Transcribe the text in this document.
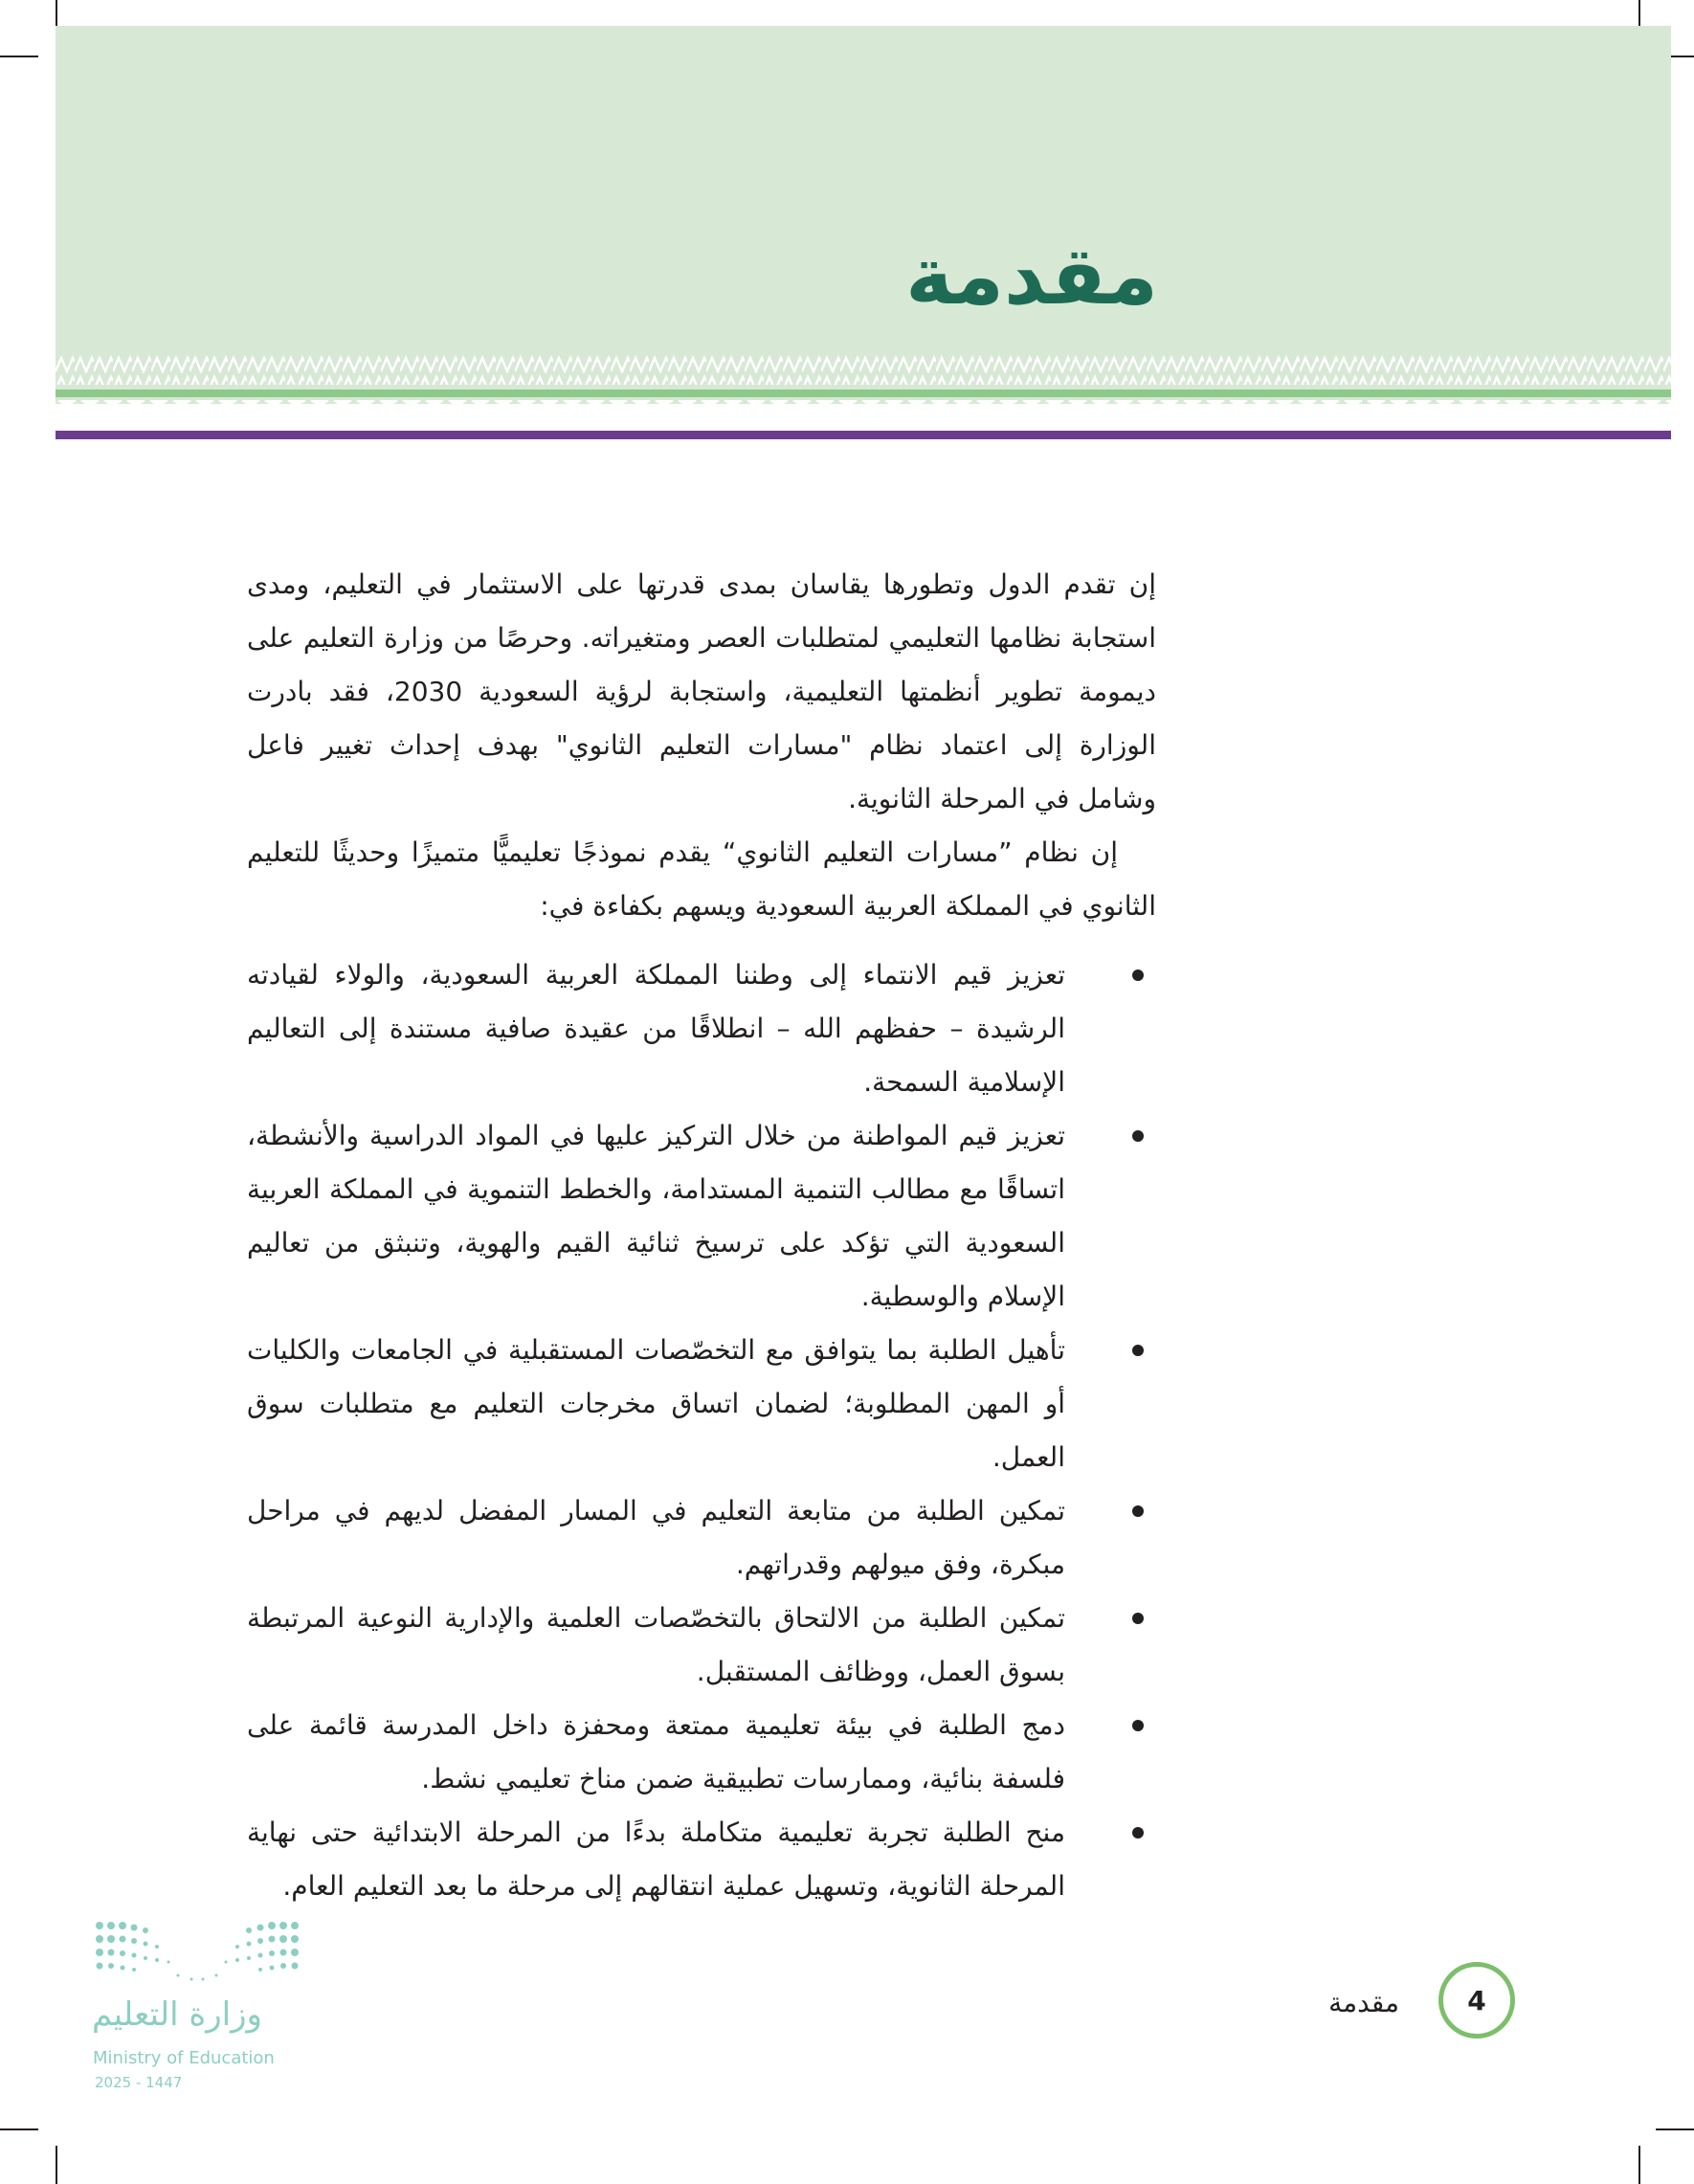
مقدمة

إن تقدم الدول وتطورها يقاسان بمدى قدرتها على الاستثمار في التعليم، ومدى استجابة نظامها التعليمي لمتطلبات العصر ومتغيراته. وحرصًا من وزارة التعليم على ديمومة تطوير أنظمتها التعليمية، واستجابة لرؤية السعودية 2030، فقد بادرت الوزارة إلى اعتماد نظام "مسارات التعليم الثانوي" بهدف إحداث تغيير فاعل وشامل في المرحلة الثانوية.

إن نظام ”مسارات التعليم الثانوي“ يقدم نموذجًا تعليميًّا متميزًا وحديثًا للتعليم الثانوي في المملكة العربية السعودية ويسهم بكفاءة في:

تعزيز قيم الانتماء إلى وطننا المملكة العربية السعودية، والولاء لقيادته الرشيدة – حفظهم الله – انطلاقًا من عقيدة صافية مستندة إلى التعاليم الإسلامية السمحة.
تعزيز قيم المواطنة من خلال التركيز عليها في المواد الدراسية والأنشطة، اتساقًا مع مطالب التنمية المستدامة، والخطط التنموية في المملكة العربية السعودية التي تؤكد على ترسيخ ثنائية القيم والهوية، وتنبثق من تعاليم الإسلام والوسطية.
تأهيل الطلبة بما يتوافق مع التخصّصات المستقبلية في الجامعات والكليات أو المهن المطلوبة؛ لضمان اتساق مخرجات التعليم مع متطلبات سوق العمل.
تمكين الطلبة من متابعة التعليم في المسار المفضل لديهم في مراحل مبكرة، وفق ميولهم وقدراتهم.
تمكين الطلبة من الالتحاق بالتخصّصات العلمية والإدارية النوعية المرتبطة بسوق العمل، ووظائف المستقبل.
دمج الطلبة في بيئة تعليمية ممتعة ومحفزة داخل المدرسة قائمة على فلسفة بنائية، وممارسات تطبيقية ضمن مناخ تعليمي نشط.
منح الطلبة تجربة تعليمية متكاملة بدءًا من المرحلة الابتدائية حتى نهاية المرحلة الثانوية، وتسهيل عملية انتقالهم إلى مرحلة ما بعد التعليم العام.
وزارة التعليم
Ministry of Education
2025 - 1447
مقدمة	4
